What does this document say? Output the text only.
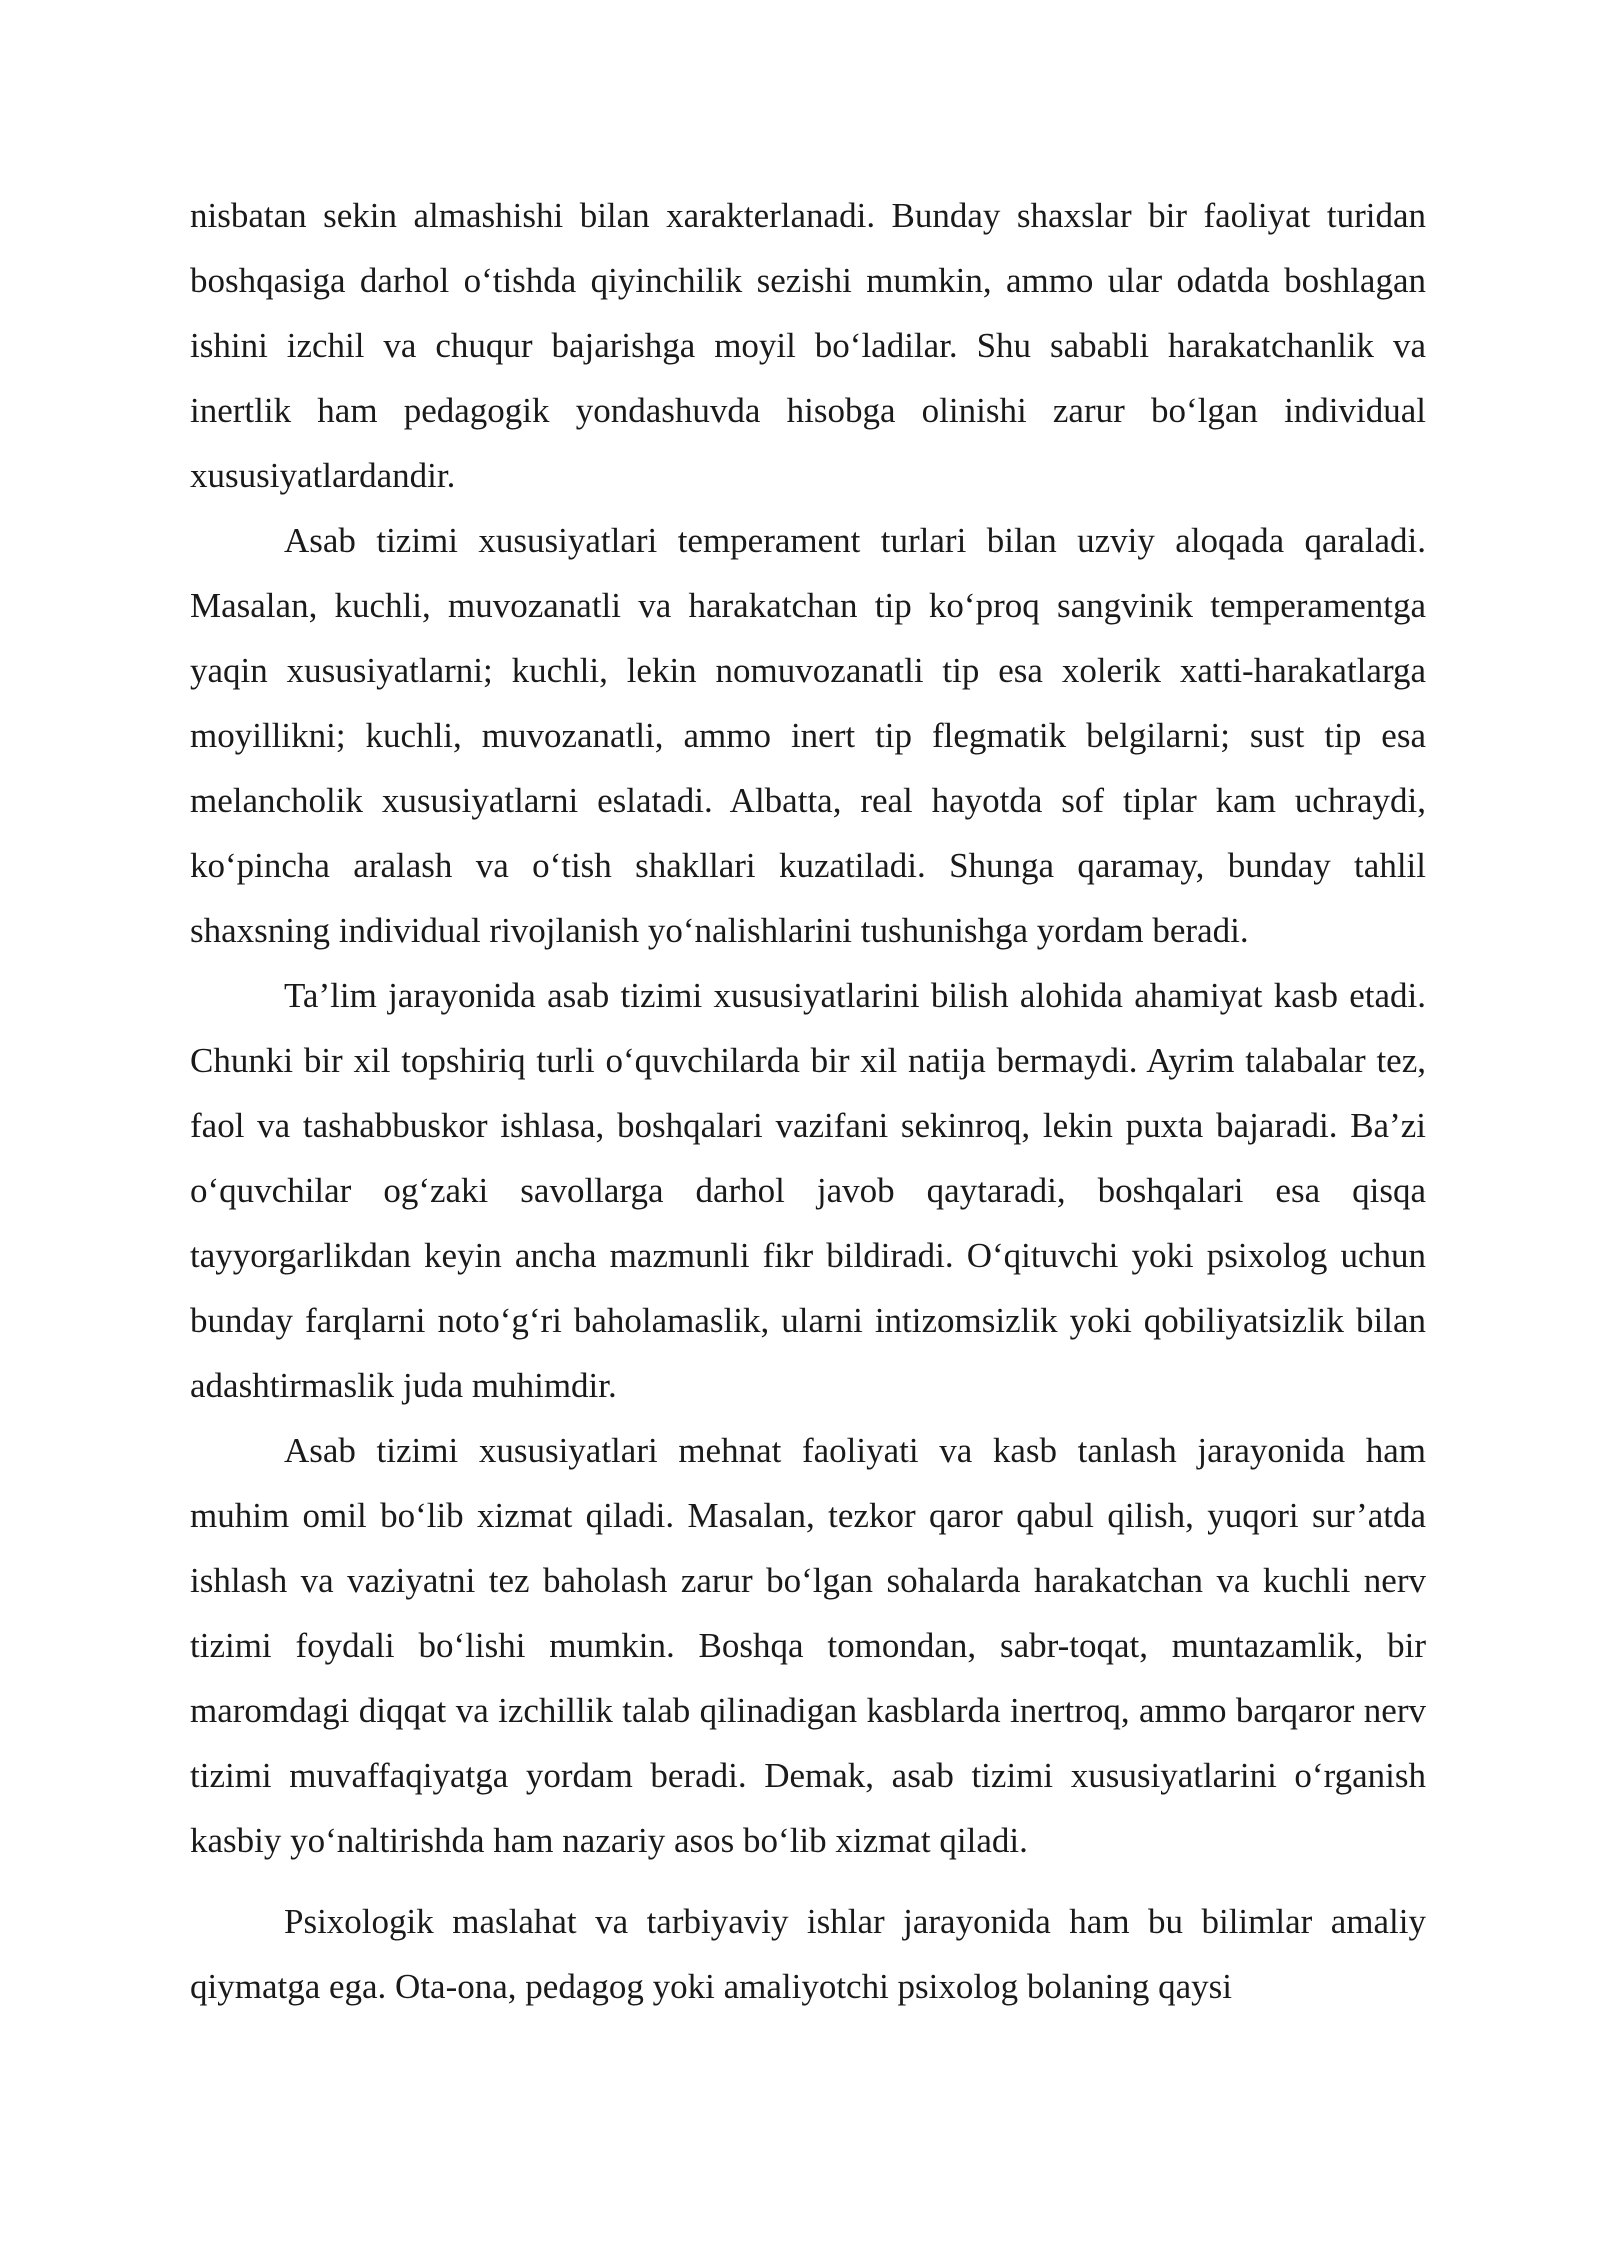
nisbatan sekin almashishi bilan xarakterlanadi. Bunday shaxslar bir faoliyat turidan boshqasiga darhol o‘tishda qiyinchilik sezishi mumkin, ammo ular odatda boshlagan ishini izchil va chuqur bajarishga moyil bo‘ladilar. Shu sababli harakatchanlik va inertlik ham pedagogik yondashuvda hisobga olinishi zarur bo‘lgan individual xususiyatlardandir.

Asab tizimi xususiyatlari temperament turlari bilan uzviy aloqada qaraladi. Masalan, kuchli, muvozanatli va harakatchan tip ko‘proq sangvinik temperamentga yaqin xususiyatlarni; kuchli, lekin nomuvozanatli tip esa xolerik xatti-harakatlarga moyillikni; kuchli, muvozanatli, ammo inert tip flegmatik belgilarni; sust tip esa melancholik xususiyatlarni eslatadi. Albatta, real hayotda sof tiplar kam uchraydi, ko‘pincha aralash va o‘tish shakllari kuzatiladi. Shunga qaramay, bunday tahlil shaxsning individual rivojlanish yo‘nalishlarini tushunishga yordam beradi.

Ta’lim jarayonida asab tizimi xususiyatlarini bilish alohida ahamiyat kasb etadi. Chunki bir xil topshiriq turli o‘quvchilarda bir xil natija bermaydi. Ayrim talabalar tez, faol va tashabbuskor ishlasa, boshqalari vazifani sekinroq, lekin puxta bajaradi. Ba’zi o‘quvchilar og‘zaki savollarga darhol javob qaytaradi, boshqalari esa qisqa tayyorgarlikdan keyin ancha mazmunli fikr bildiradi. O‘qituvchi yoki psixolog uchun bunday farqlarni noto‘g‘ri baholamaslik, ularni intizomsizlik yoki qobiliyatsizlik bilan adashtirmaslik juda muhimdir.

Asab tizimi xususiyatlari mehnat faoliyati va kasb tanlash jarayonida ham muhim omil bo‘lib xizmat qiladi. Masalan, tezkor qaror qabul qilish, yuqori sur’atda ishlash va vaziyatni tez baholash zarur bo‘lgan sohalarda harakatchan va kuchli nerv tizimi foydali bo‘lishi mumkin. Boshqa tomondan, sabr-toqat, muntazamlik, bir maromdagi diqqat va izchillik talab qilinadigan kasblarda inertroq, ammo barqaror nerv tizimi muvaffaqiyatga yordam beradi. Demak, asab tizimi xususiyatlarini o‘rganish kasbiy yo‘naltirishda ham nazariy asos bo‘lib xizmat qiladi.

Psixologik maslahat va tarbiyaviy ishlar jarayonida ham bu bilimlar amaliy qiymatga ega. Ota-ona, pedagog yoki amaliyotchi psixolog bolaning qaysi
